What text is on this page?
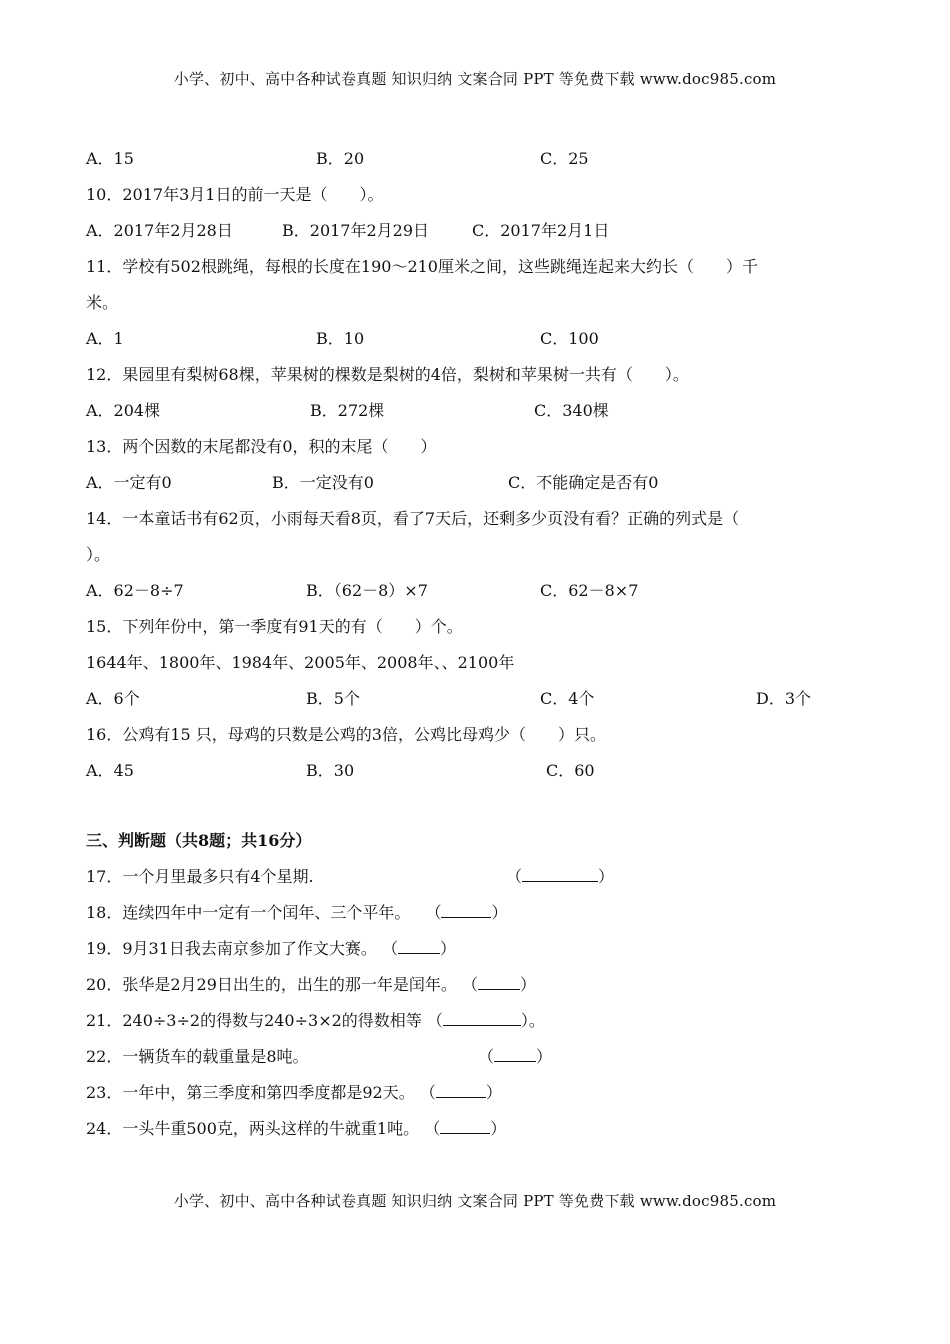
小学、初中、高中各种试卷真题 知识归纳 文案合同 PPT 等免费下载 www.doc985.com
A．15	B．20	C．25
10．2017年3月1日的前一天是（　　）。
A．2017年2月28日	B．2017年2月29日	C．2017年2月1日
11．学校有502根跳绳，每根的长度在190～210厘米之间，这些跳绳连起来大约长（　　）千
米。
A．1	B．10	C．100
12．果园里有梨树68棵，苹果树的棵数是梨树的4倍，梨树和苹果树一共有（　　）。
A．204棵	B．272棵	C．340棵
13．两个因数的末尾都没有0，积的末尾（　　）
A．一定有0	B．一定没有0	C．不能确定是否有0
14．一本童话书有62页，小雨每天看8页，看了7天后，还剩多少页没有看？正确的列式是（
）。
A．62－8÷7	B．（62－8）×7	C．62－8×7
15．下列年份中，第一季度有91天的有（　　）个。
1644年、1800年、1984年、2005年、2008年、、2100年
A．6个	B．5个	C．4个	D．3个
16．公鸡有15 只，母鸡的只数是公鸡的3倍，公鸡比母鸡少（　　）只。
A．45	B．30	C．60
三、判断题（共8题；共16分）
17．一个月里最多只有4个星期.	（	）
18．连续四年中一定有一个闰年、三个平年。 （	）
19．9月31日我去南京参加了作文大赛。 （	）
20．张华是2月29日出生的，出生的那一年是闰年。 （	）
21．240÷3÷2的得数与240÷3×2的得数相等 （	）。
22．一辆货车的载重量是8吨。	（	）
23．一年中，第三季度和第四季度都是92天。 （	）
24．一头牛重500克，两头这样的牛就重1吨。 （	）
小学、初中、高中各种试卷真题 知识归纳 文案合同 PPT 等免费下载 www.doc985.com
